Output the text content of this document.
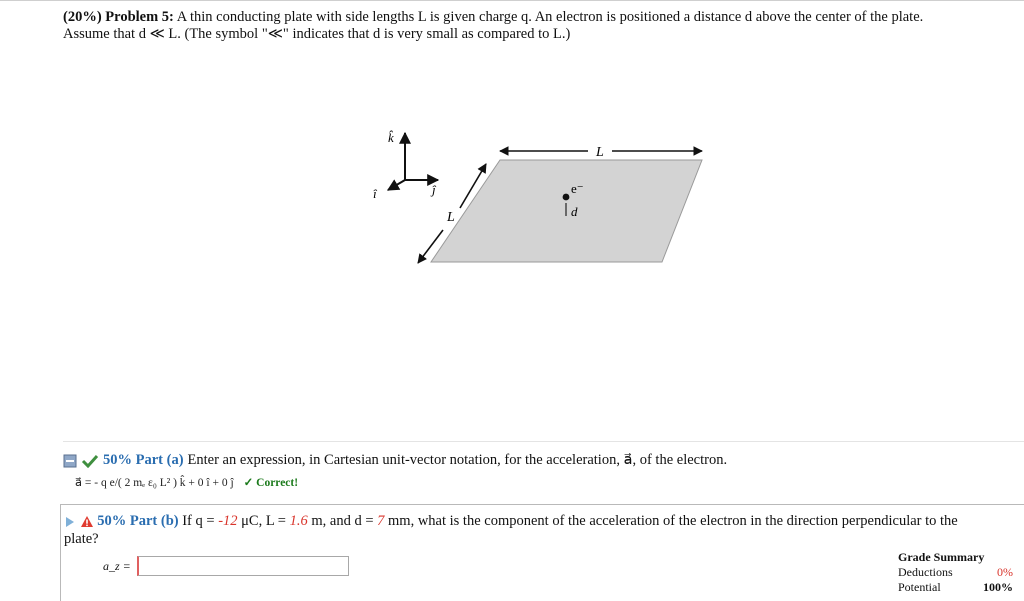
(20%) Problem 5: A thin conducting plate with side lengths L is given charge q. An electron is positioned a distance d above the center of the plate.
Assume that d ≪ L. (The symbol "≪" indicates that d is very small as compared to L.)
k̂
ĵ
î
L
L
e⁻
d
50% Part (a) Enter an expression, in Cartesian unit-vector notation, for the acceleration, a⃗, of the electron.
a⃗ = - q e/( 2 mₑ ε₀ L² ) k̂ + 0 î + 0 ĵ ✓ Correct!
50% Part (b) If q = -12 μC, L = 1.6 m, and d = 7 mm, what is the component of the acceleration of the electron in the direction perpendicular to the
plate?
a_z =
Grade Summary
Deductions	0%
Potential	100%
